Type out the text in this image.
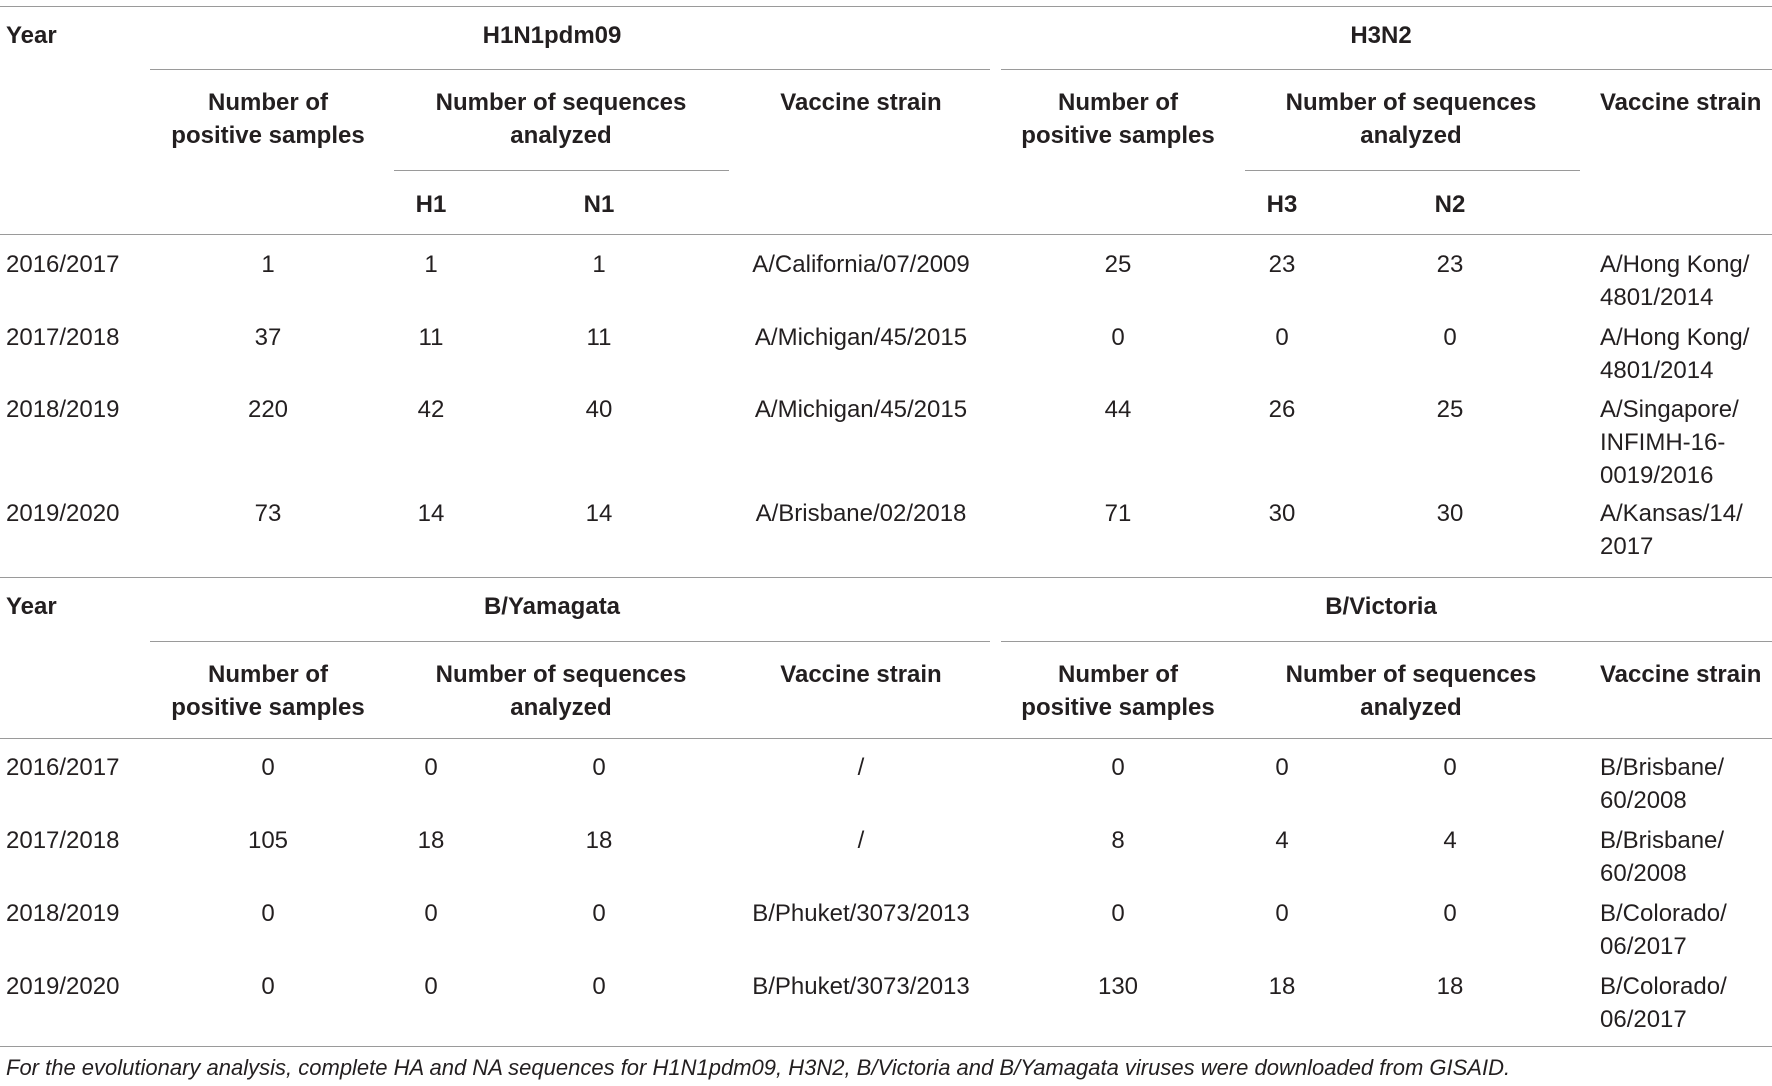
Year	H1N1pdm09	H3N2
Number of
positive samples
Number of sequences
analyzed
Vaccine strain	Number of
positive samples
Number of sequences
analyzed
Vaccine strain
H1	N1	H3	N2
2016/2017	1	1	1	A/California/07/2009	25	23	23	A/Hong Kong/
4801/2014
2017/2018	37	11	11	A/Michigan/45/2015	0	0	0	A/Hong Kong/
4801/2014
2018/2019	220	42	40	A/Michigan/45/2015	44	26	25	A/Singapore/
INFIMH-16-
0019/2016
2019/2020	73	14	14	A/Brisbane/02/2018	71	30	30	A/Kansas/14/
2017
Year	B/Yamagata	B/Victoria
Number of
positive samples
Number of sequences
analyzed
Vaccine strain	Number of
positive samples
Number of sequences
analyzed
Vaccine strain
2016/2017	0	0	0	/	0	0	0	B/Brisbane/
60/2008
2017/2018	105	18	18	/	8	4	4	B/Brisbane/
60/2008
2018/2019	0	0	0	B/Phuket/3073/2013	0	0	0	B/Colorado/
06/2017
2019/2020	0	0	0	B/Phuket/3073/2013	130	18	18	B/Colorado/
06/2017
For the evolutionary analysis, complete HA and NA sequences for H1N1pdm09, H3N2, B/Victoria and B/Yamagata viruses were downloaded from GISAID.
